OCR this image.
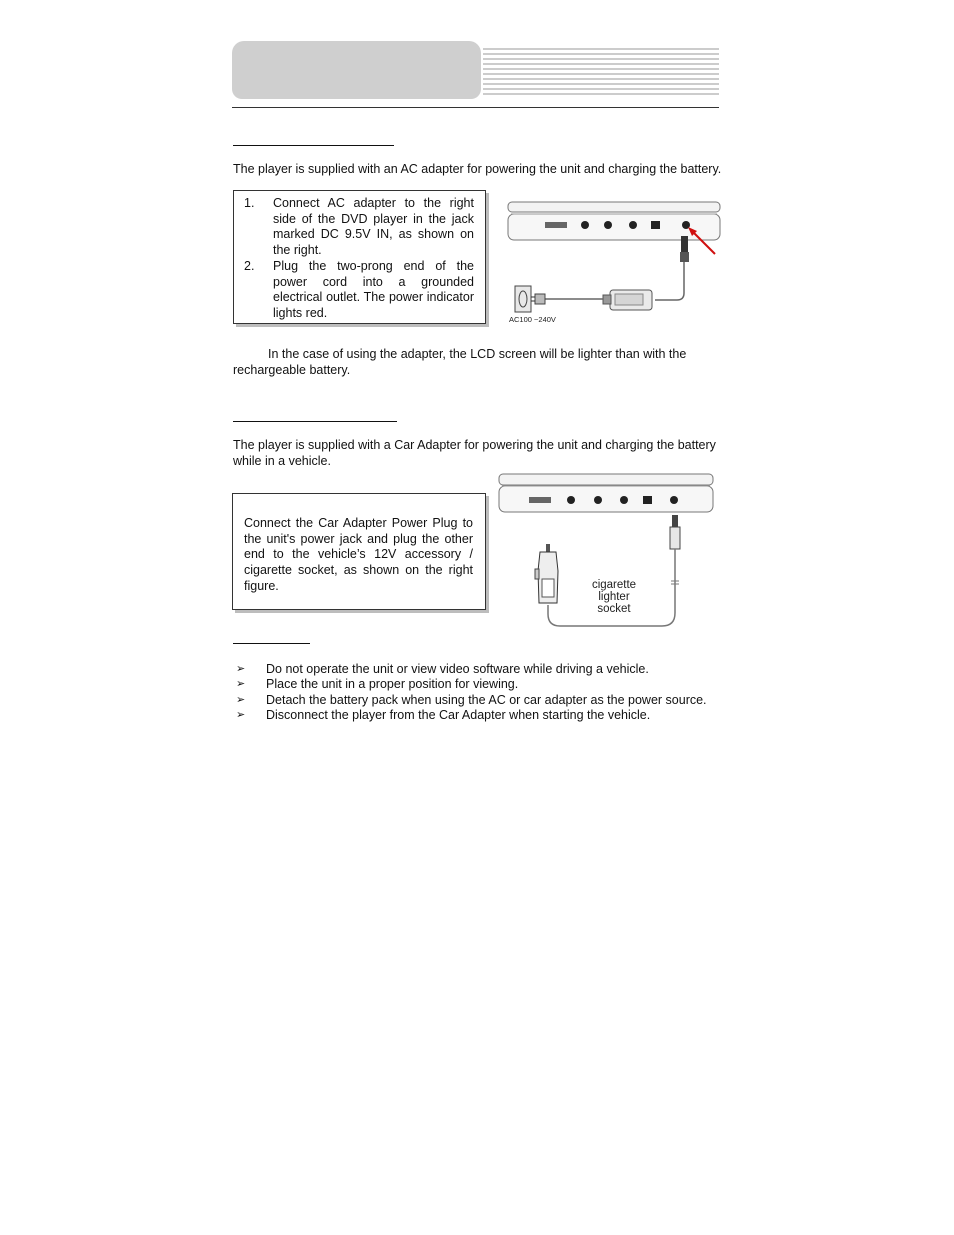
The player is supplied with an AC adapter for powering the unit and charging the battery.
1. Connect AC adapter to the right side of the DVD player in the jack marked DC 9.5V IN, as shown on the right.
2. Plug the two-prong end of the power cord into a grounded electrical outlet. The power indicator lights red.	AC100 ~240V
In the case of using the adapter, the LCD screen will be lighter than with the rechargeable battery.
The player is supplied with a Car Adapter for powering the unit and charging the battery while in a vehicle.
Connect the Car Adapter Power Plug to the unit's power jack and plug the other end to the vehicle’s 12V accessory / cigarette socket, as shown on the right figure.	cigarette
lighter
socket
➢ Do not operate the unit or view video software while driving a vehicle.
➢ Place the unit in a proper position for viewing.
➢ Detach the battery pack when using the AC or car adapter as the power source.
➢ Disconnect the player from the Car Adapter when starting the vehicle.
